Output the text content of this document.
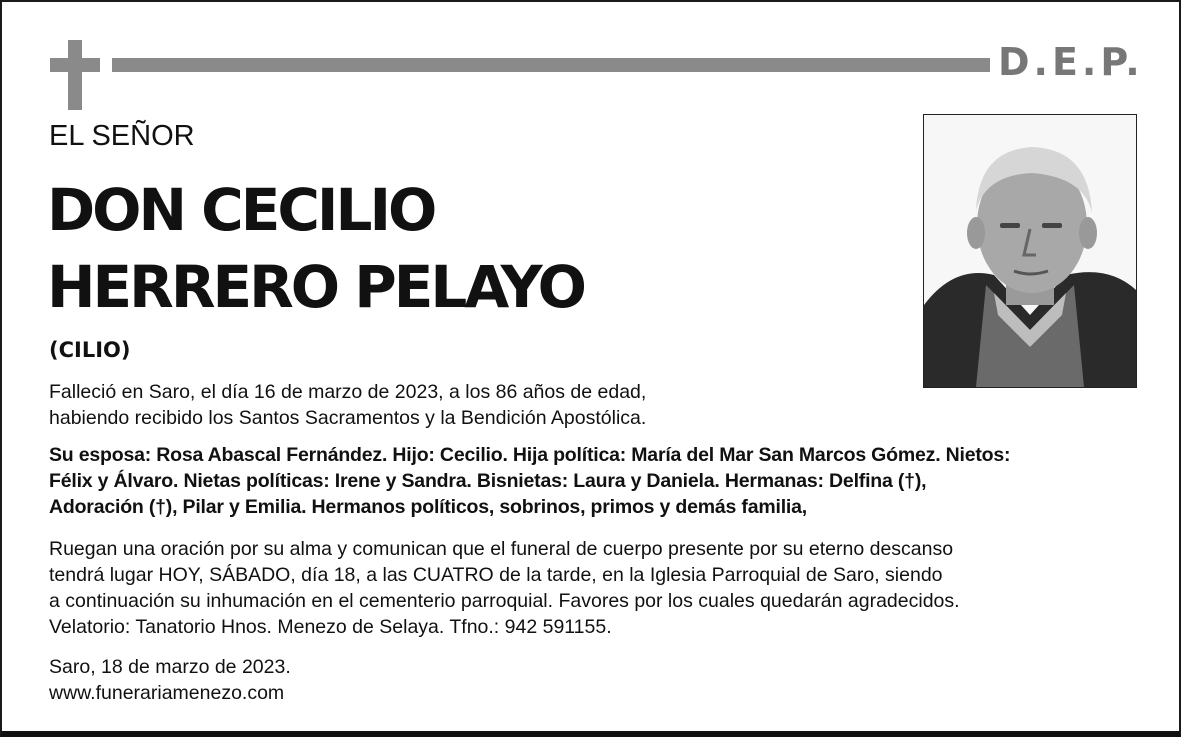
D.E.P.
EL SEÑOR
DON CECILIO
HERRERO PELAYO
(CILIO)
Falleció en Saro, el día 16 de marzo de 2023, a los 86 años de edad,
habiendo recibido los Santos Sacramentos y la Bendición Apostólica.
Su esposa: Rosa Abascal Fernández. Hijo: Cecilio. Hija política: María del Mar San Marcos Gómez. Nietos:
Félix y Álvaro. Nietas políticas: Irene y Sandra. Bisnietas: Laura y Daniela. Hermanas: Delfina (†),
Adoración (†), Pilar y Emilia. Hermanos políticos, sobrinos, primos y demás familia,
Ruegan una oración por su alma y comunican que el funeral de cuerpo presente por su eterno descanso
tendrá lugar HOY, SÁBADO, día 18, a las CUATRO de la tarde, en la Iglesia Parroquial de Saro, siendo
a continuación su inhumación en el cementerio parroquial. Favores por los cuales quedarán agradecidos.
Velatorio: Tanatorio Hnos. Menezo de Selaya. Tfno.: 942 591155.
Saro, 18 de marzo de 2023.
www.funerariamenezo.com
